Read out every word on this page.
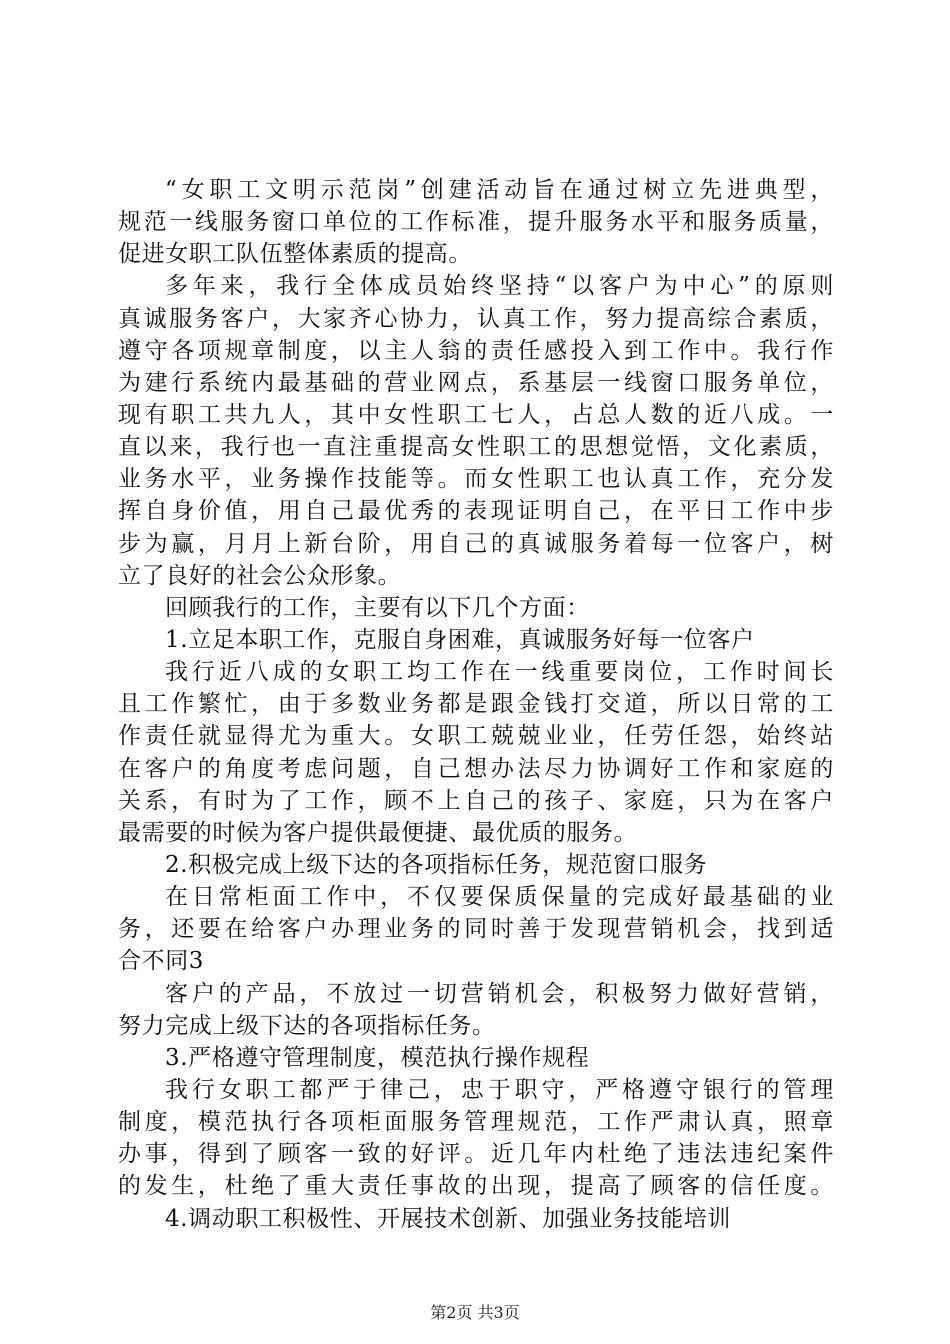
“女职工文明示范岗”创建活动旨在通过树立先进典型，
规范一线服务窗口单位的工作标准，提升服务水平和服务质量，
促进女职工队伍整体素质的提高。
多年来，我行全体成员始终坚持“以客户为中心”的原则
真诚服务客户，大家齐心协力，认真工作，努力提高综合素质，
遵守各项规章制度，以主人翁的责任感投入到工作中。我行作
为建行系统内最基础的营业网点，系基层一线窗口服务单位，
现有职工共九人，其中女性职工七人，占总人数的近八成。一
直以来，我行也一直注重提高女性职工的思想觉悟，文化素质，
业务水平，业务操作技能等。而女性职工也认真工作，充分发
挥自身价值，用自己最优秀的表现证明自己，在平日工作中步
步为赢，月月上新台阶，用自己的真诚服务着每一位客户，树
立了良好的社会公众形象。
回顾我行的工作，主要有以下几个方面：
1.立足本职工作，克服自身困难，真诚服务好每一位客户
我行近八成的女职工均工作在一线重要岗位，工作时间长
且工作繁忙，由于多数业务都是跟金钱打交道，所以日常的工
作责任就显得尤为重大。女职工兢兢业业，任劳任怨，始终站
在客户的角度考虑问题，自己想办法尽力协调好工作和家庭的
关系，有时为了工作，顾不上自己的孩子、家庭，只为在客户
最需要的时候为客户提供最便捷、最优质的服务。
2.积极完成上级下达的各项指标任务，规范窗口服务
在日常柜面工作中，不仅要保质保量的完成好最基础的业
务，还要在给客户办理业务的同时善于发现营销机会，找到适
合不同3
客户的产品，不放过一切营销机会，积极努力做好营销，
努力完成上级下达的各项指标任务。
3.严格遵守管理制度，模范执行操作规程
我行女职工都严于律己，忠于职守，严格遵守银行的管理
制度，模范执行各项柜面服务管理规范，工作严肃认真，照章
办事，得到了顾客一致的好评。近几年内杜绝了违法违纪案件
的发生，杜绝了重大责任事故的出现，提高了顾客的信任度。
4.调动职工积极性、开展技术创新、加强业务技能培训
第2页 共3页
